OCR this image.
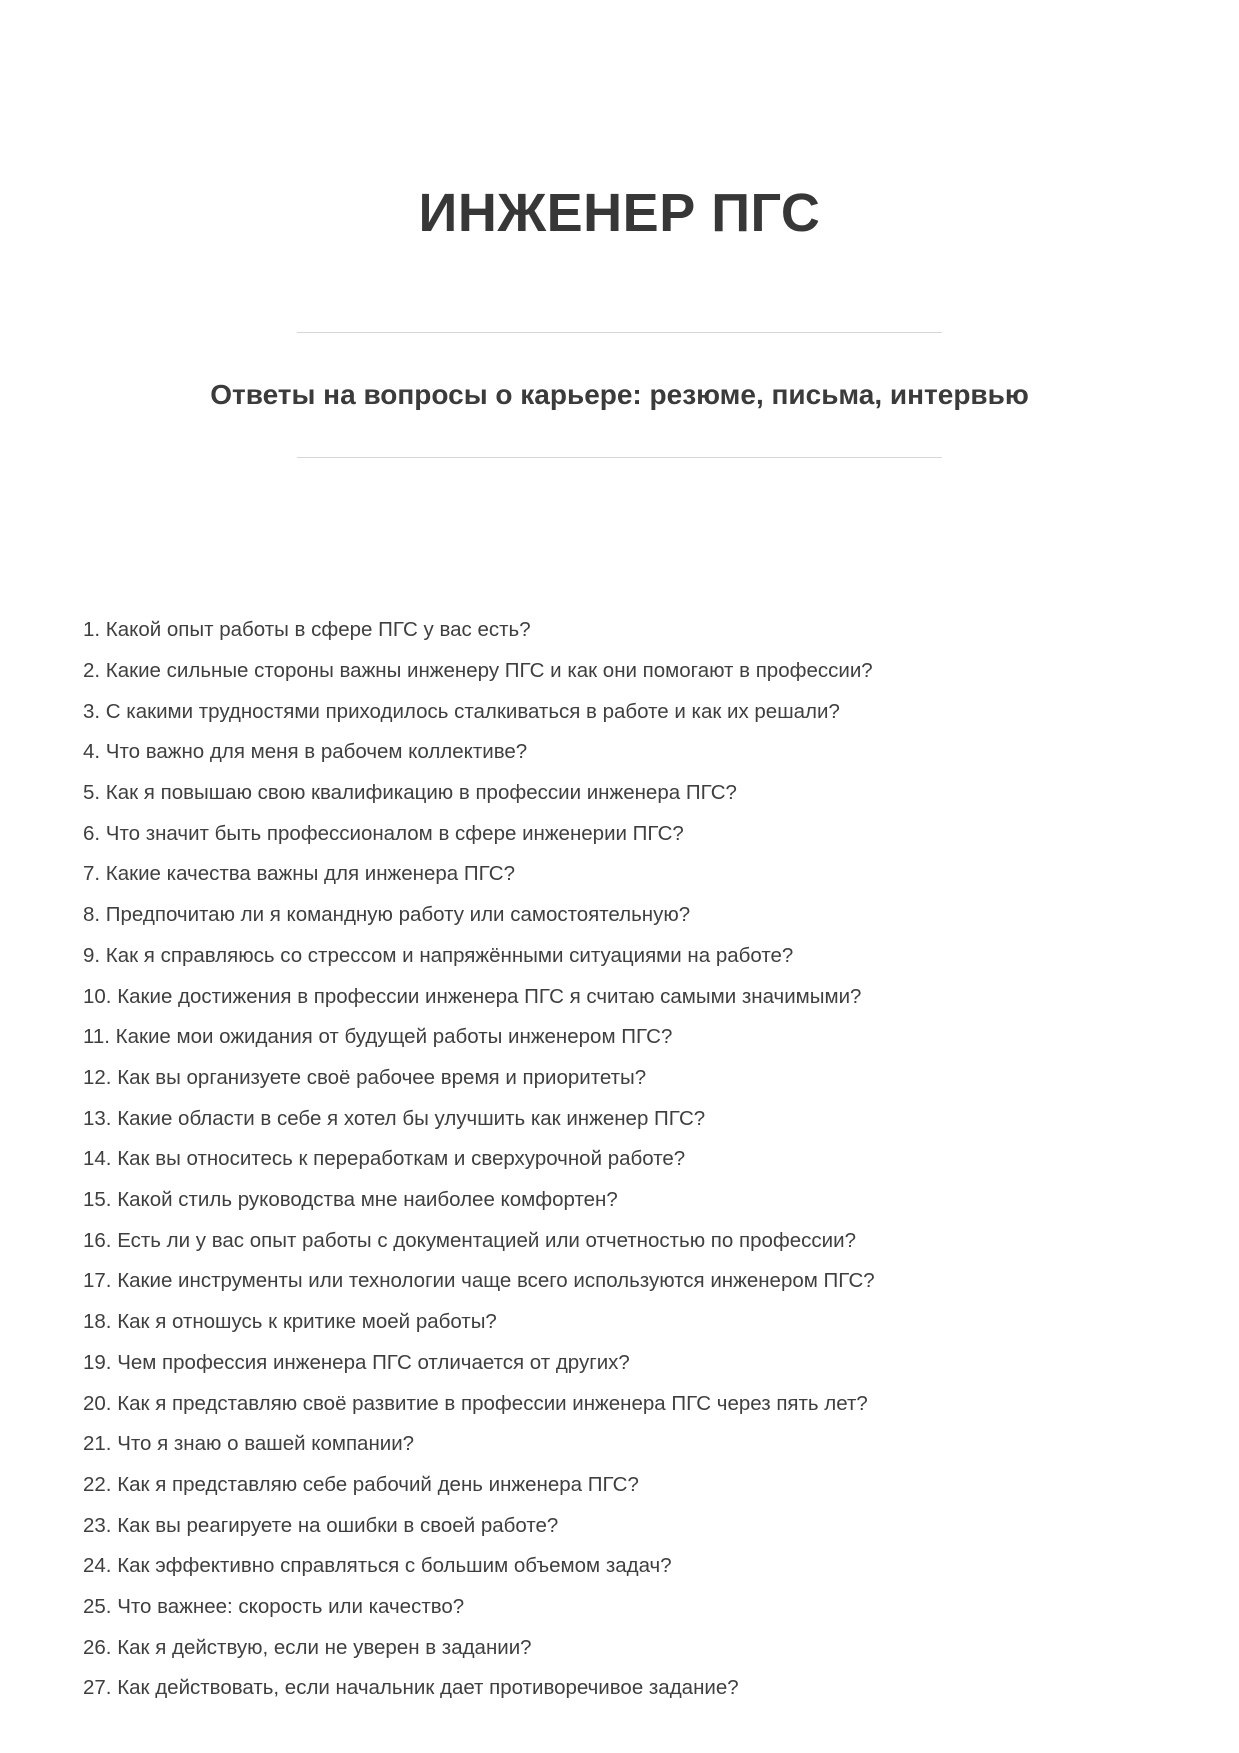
ИНЖЕНЕР ПГС
Ответы на вопросы о карьере: резюме, письма, интервью
1. Какой опыт работы в сфере ПГС у вас есть?
2. Какие сильные стороны важны инженеру ПГС и как они помогают в профессии?
3. С какими трудностями приходилось сталкиваться в работе и как их решали?
4. Что важно для меня в рабочем коллективе?
5. Как я повышаю свою квалификацию в профессии инженера ПГС?
6. Что значит быть профессионалом в сфере инженерии ПГС?
7. Какие качества важны для инженера ПГС?
8. Предпочитаю ли я командную работу или самостоятельную?
9. Как я справляюсь со стрессом и напряжёнными ситуациями на работе?
10. Какие достижения в профессии инженера ПГС я считаю самыми значимыми?
11. Какие мои ожидания от будущей работы инженером ПГС?
12. Как вы организуете своё рабочее время и приоритеты?
13. Какие области в себе я хотел бы улучшить как инженер ПГС?
14. Как вы относитесь к переработкам и сверхурочной работе?
15. Какой стиль руководства мне наиболее комфортен?
16. Есть ли у вас опыт работы с документацией или отчетностью по профессии?
17. Какие инструменты или технологии чаще всего используются инженером ПГС?
18. Как я отношусь к критике моей работы?
19. Чем профессия инженера ПГС отличается от других?
20. Как я представляю своё развитие в профессии инженера ПГС через пять лет?
21. Что я знаю о вашей компании?
22. Как я представляю себе рабочий день инженера ПГС?
23. Как вы реагируете на ошибки в своей работе?
24. Как эффективно справляться с большим объемом задач?
25. Что важнее: скорость или качество?
26. Как я действую, если не уверен в задании?
27. Как действовать, если начальник дает противоречивое задание?
